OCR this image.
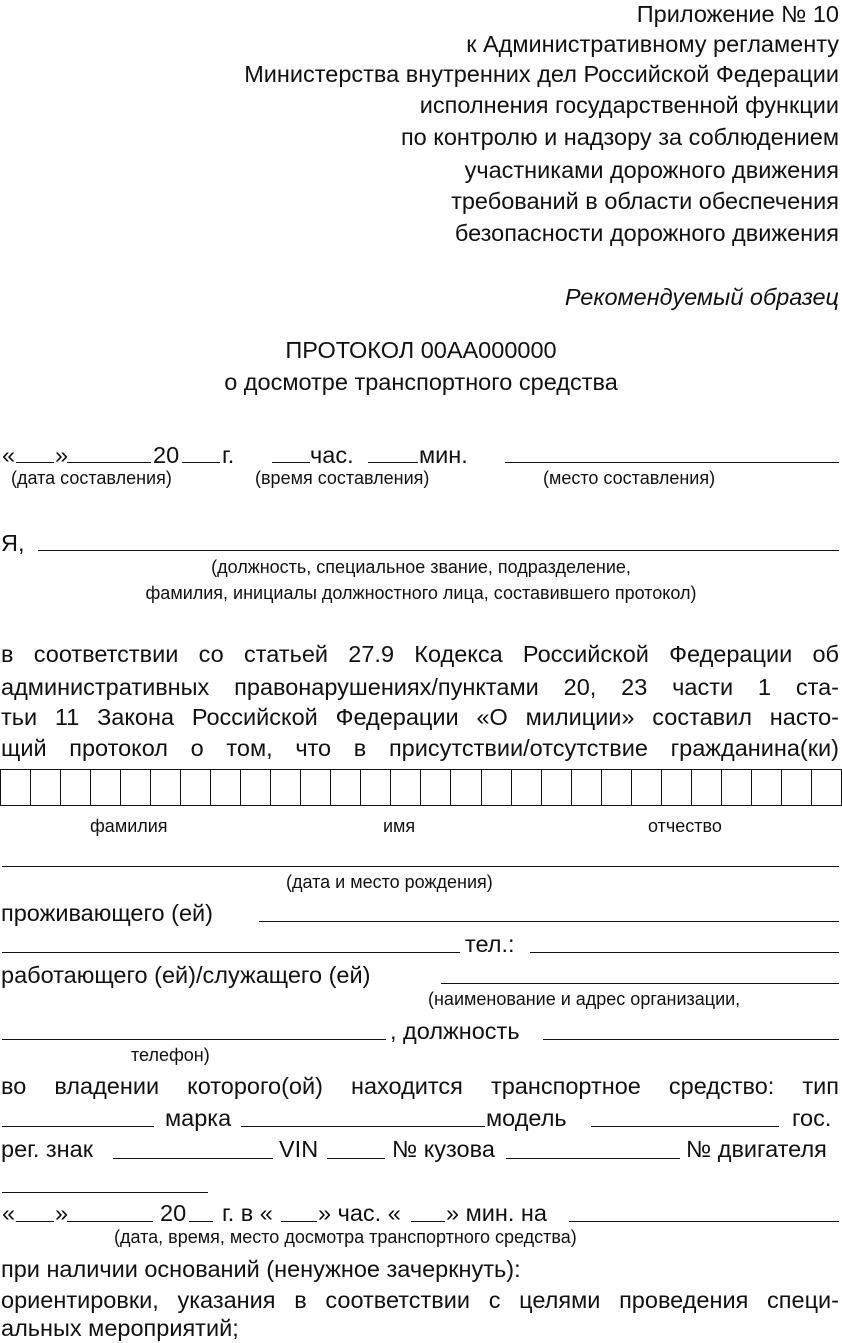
Приложение № 10
к Административному регламенту
Министерства внутренних дел Российской Федерации
исполнения государственной функции
по контролю и надзору за соблюдением
участниками дорожного движения
требований в области обеспечения
безопасности дорожного движения
Рекомендуемый образец
ПРОТОКОЛ 00АА000000
о досмотре транспортного средства
« »	20 г.	час.	мин.
(дата составления)	(время составления)	(место составления)
Я,
(должность, специальное звание, подразделение,
фамилия, инициалы должностного лица, составившего протокол)
в соответствии со статьей 27.9 Кодекса Российской Федерации об
административных правонарушениях/пунктами 20, 23 части 1 ста-
тьи 11 Закона Российской Федерации «О милиции» составил насто-
щий протокол о том, что в присутствии/отсутствие гражданина(ки)
фамилия	имя	отчество
(дата и место рождения)
проживающего (ей)
тел.:
работающего (ей)/служащего (ей)
(наименование и адрес организации,
, должность
телефон)
во владении которого(ой) находится транспортное средство: тип
марка	модель	гос.
рег. знак	VIN	№ кузова	№ двигателя
« »	20 г. в « » час. « » мин. на
(дата, время, место досмотра транспортного средства)
при наличии оснований (ненужное зачеркнуть):
ориентировки, указания в соответствии с целями проведения специ-
альных мероприятий;
